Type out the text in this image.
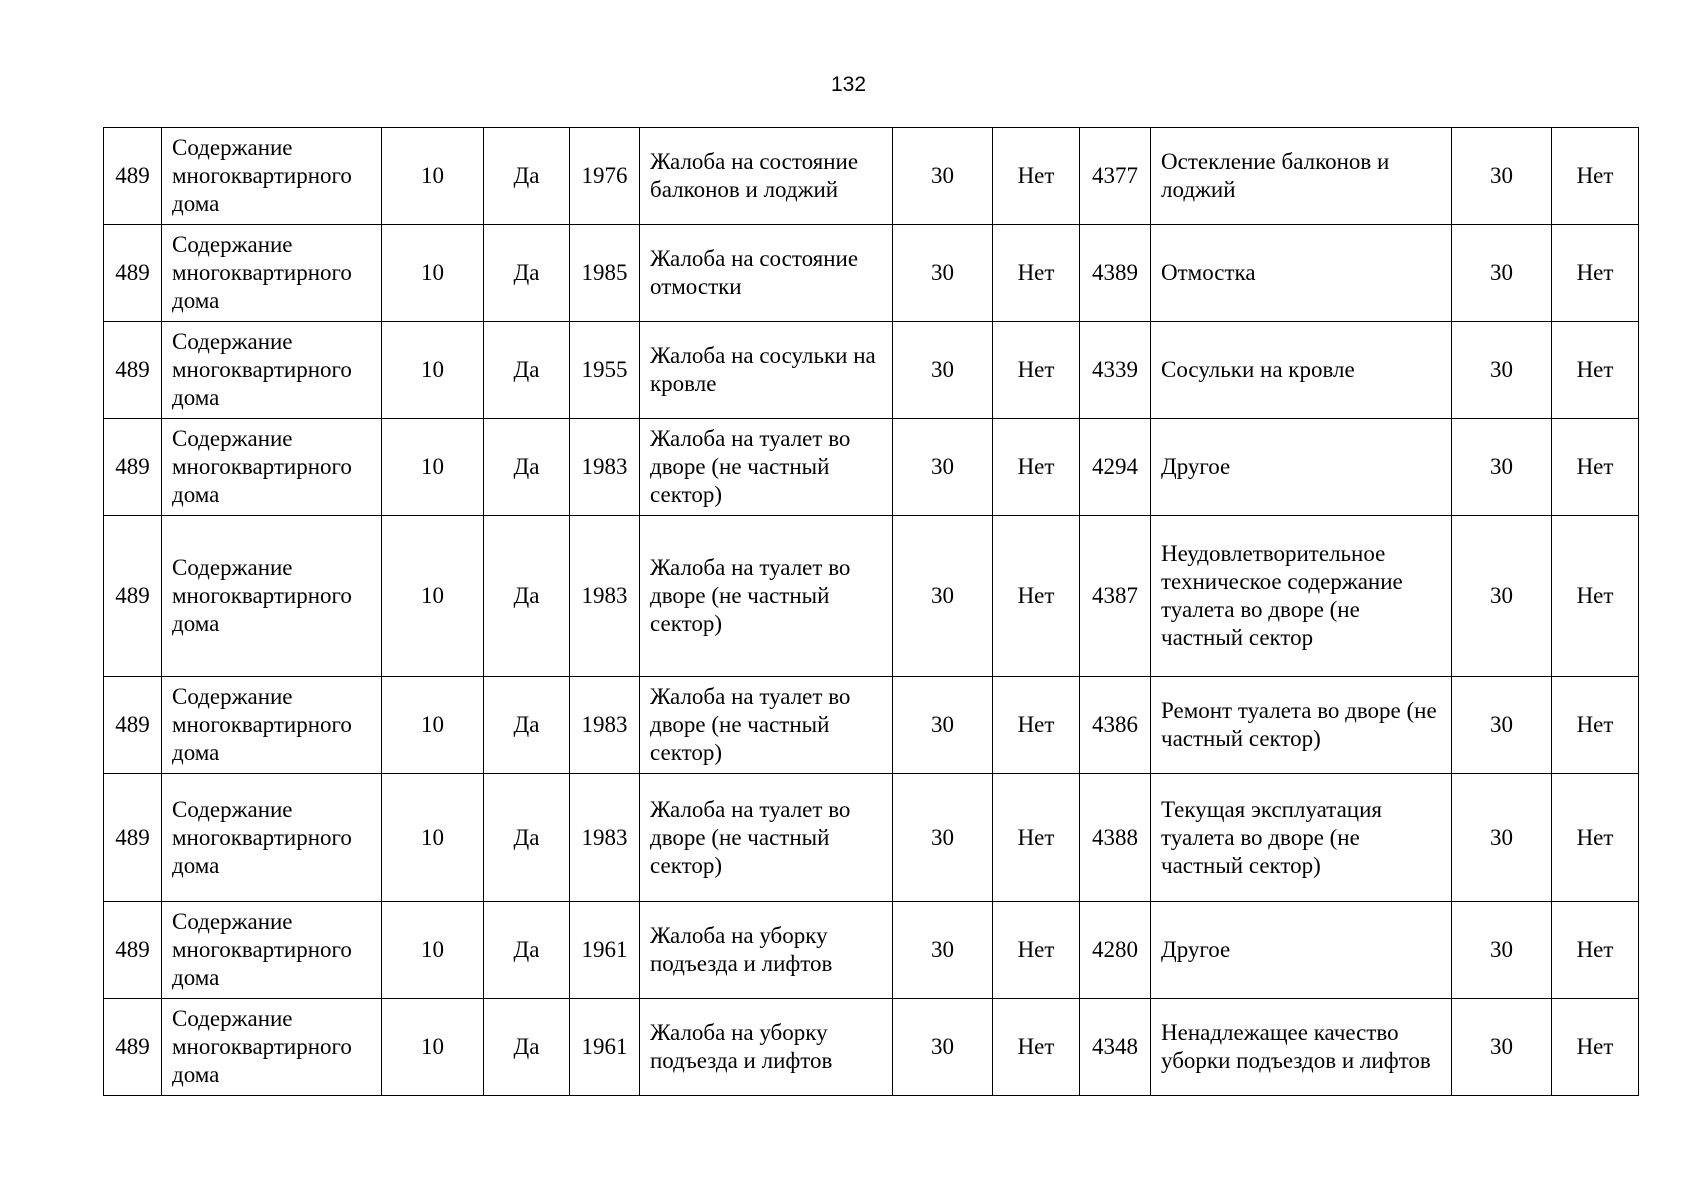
132
489	Содержание многоквартирного дома	10	Да	1976	Жалоба на состояние балконов и лоджий	30	Нет	4377	Остекление балконов и лоджий	30	Нет
489	Содержание многоквартирного дома	10	Да	1985	Жалоба на состояние отмостки	30	Нет	4389	Отмостка	30	Нет
489	Содержание многоквартирного дома	10	Да	1955	Жалоба на сосульки на кровле	30	Нет	4339	Сосульки на кровле	30	Нет
489	Содержание многоквартирного дома	10	Да	1983	Жалоба на туалет во дворе (не частный сектор)	30	Нет	4294	Другое	30	Нет
489	Содержание многоквартирного дома	10	Да	1983	Жалоба на туалет во дворе (не частный сектор)	30	Нет	4387	Неудовлетворительное техническое содержание туалета во дворе (не частный сектор	30	Нет
489	Содержание многоквартирного дома	10	Да	1983	Жалоба на туалет во дворе (не частный сектор)	30	Нет	4386	Ремонт туалета во дворе (не частный сектор)	30	Нет
489	Содержание многоквартирного дома	10	Да	1983	Жалоба на туалет во дворе (не частный сектор)	30	Нет	4388	Текущая эксплуатация туалета во дворе (не частный сектор)	30	Нет
489	Содержание многоквартирного дома	10	Да	1961	Жалоба на уборку подъезда и лифтов	30	Нет	4280	Другое	30	Нет
489	Содержание многоквартирного дома	10	Да	1961	Жалоба на уборку подъезда и лифтов	30	Нет	4348	Ненадлежащее качество уборки подъездов и лифтов	30	Нет
